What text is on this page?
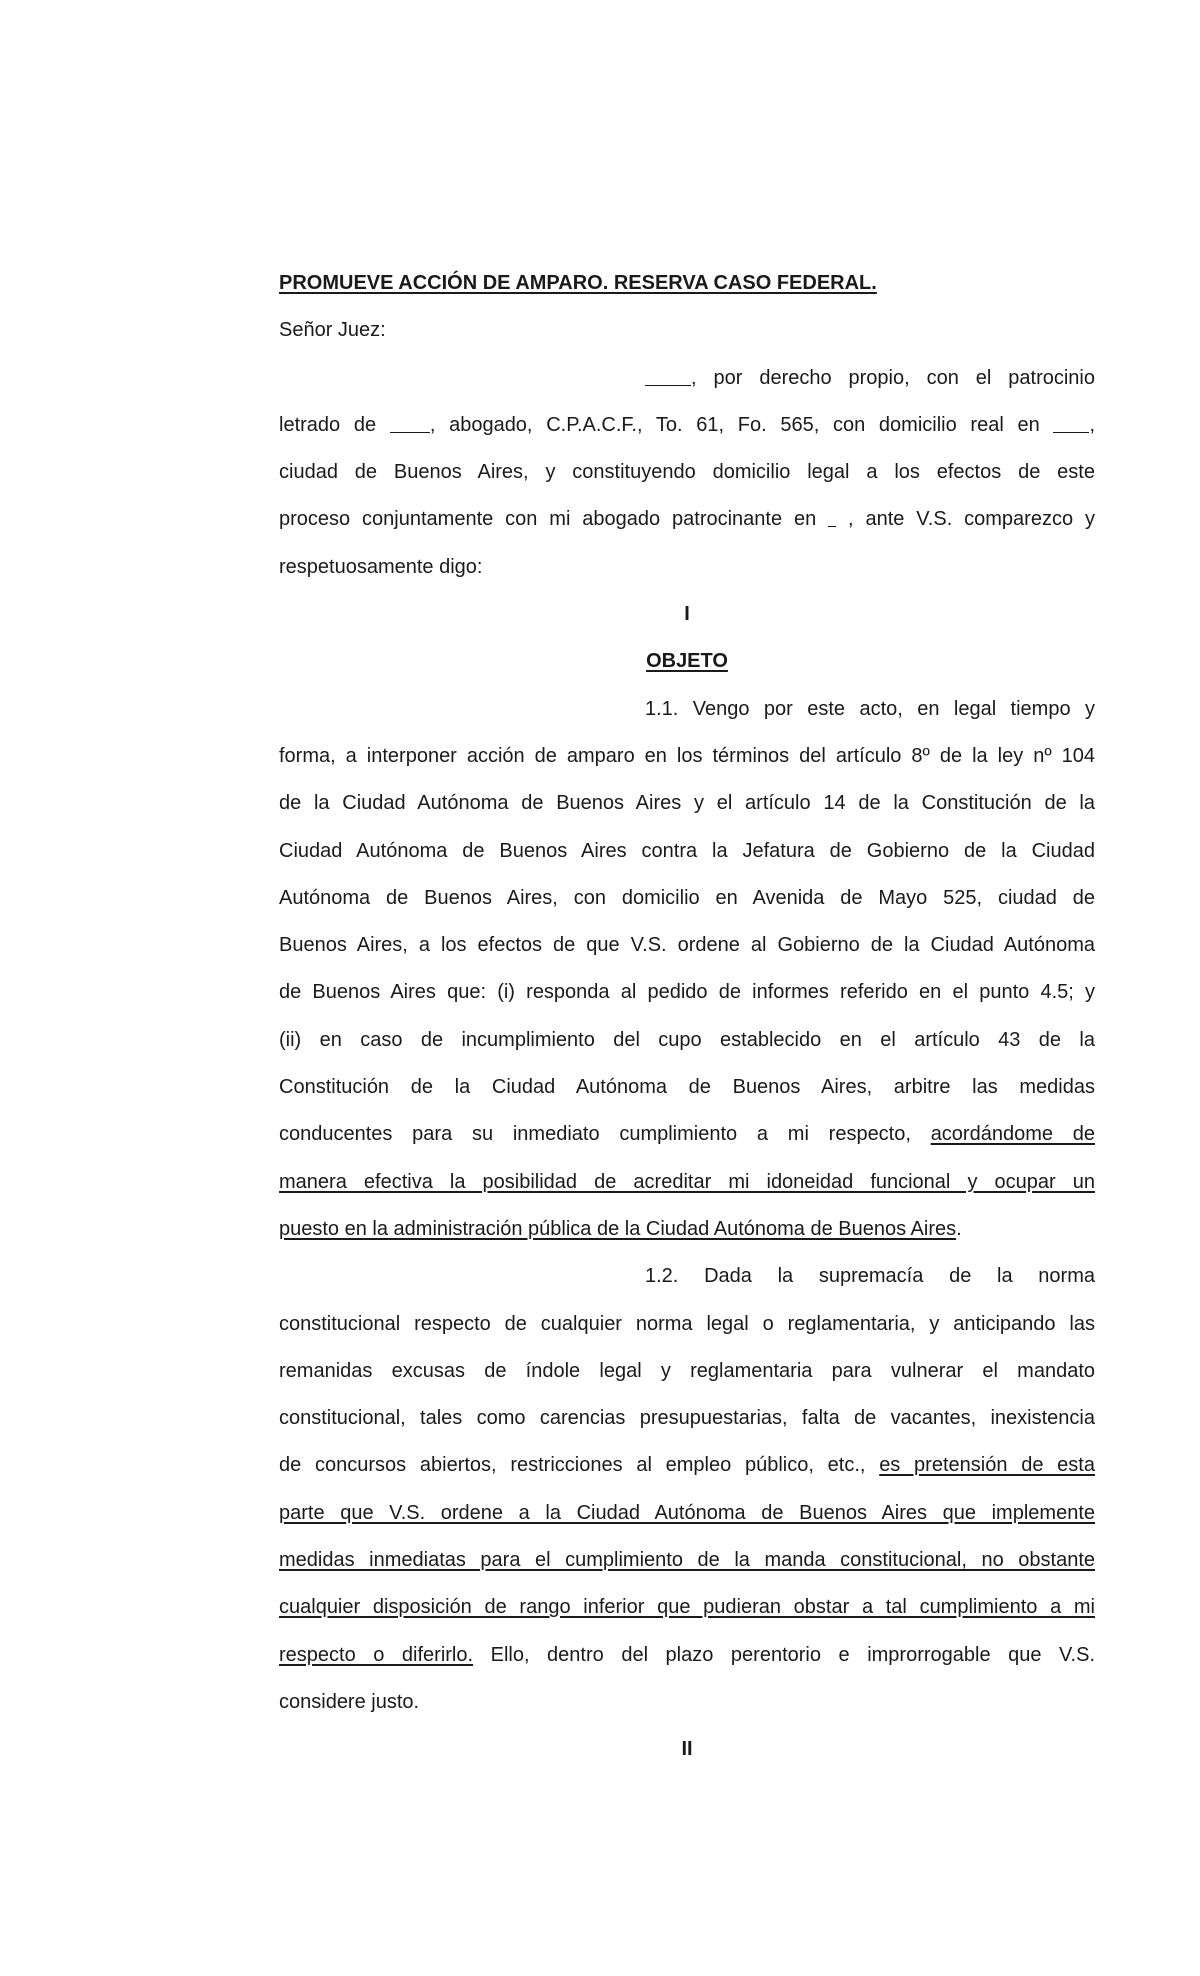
PROMUEVE ACCIÓN DE AMPARO. RESERVA CASO FEDERAL.

Señor Juez:

, por derecho propio, con el patrocinio

letrado de , abogado, C.P.A.C.F., To. 61, Fo. 565, con domicilio real en ,

ciudad de Buenos Aires, y constituyendo domicilio legal a los efectos de este

proceso conjuntamente con mi abogado patrocinante en  , ante V.S. comparezco y

respetuosamente digo:

I

OBJETO

1.1. Vengo por este acto, en legal tiempo y

forma, a interponer acción de amparo en los términos del artículo 8º de la ley nº 104

de la Ciudad Autónoma de Buenos Aires y el artículo 14 de la Constitución de la

Ciudad Autónoma de Buenos Aires contra la Jefatura de Gobierno de la Ciudad

Autónoma de Buenos Aires, con domicilio en Avenida de Mayo 525, ciudad de

Buenos Aires, a los efectos de que V.S. ordene al Gobierno de la Ciudad Autónoma

de Buenos Aires que: (i) responda al pedido de informes referido en el punto 4.5; y

(ii) en caso de incumplimiento del cupo establecido en el artículo 43 de la

Constitución de la Ciudad Autónoma de Buenos Aires, arbitre las medidas

conducentes para su inmediato cumplimiento a mi respecto, acordándome de

manera efectiva la posibilidad de acreditar mi idoneidad funcional y ocupar un

puesto en la administración pública de la Ciudad Autónoma de Buenos Aires.

1.2. Dada la supremacía de la norma

constitucional respecto de cualquier norma legal o reglamentaria, y anticipando las

remanidas excusas de índole legal y reglamentaria para vulnerar el mandato

constitucional, tales como carencias presupuestarias, falta de vacantes, inexistencia

de concursos abiertos, restricciones al empleo público, etc., es pretensión de esta

parte que V.S. ordene a la Ciudad Autónoma de Buenos Aires que implemente

medidas inmediatas para el cumplimiento de la manda constitucional, no obstante

cualquier disposición de rango inferior que pudieran obstar a tal cumplimiento a mi

respecto o diferirlo. Ello, dentro del plazo perentorio e improrrogable que V.S.

considere justo.

II
